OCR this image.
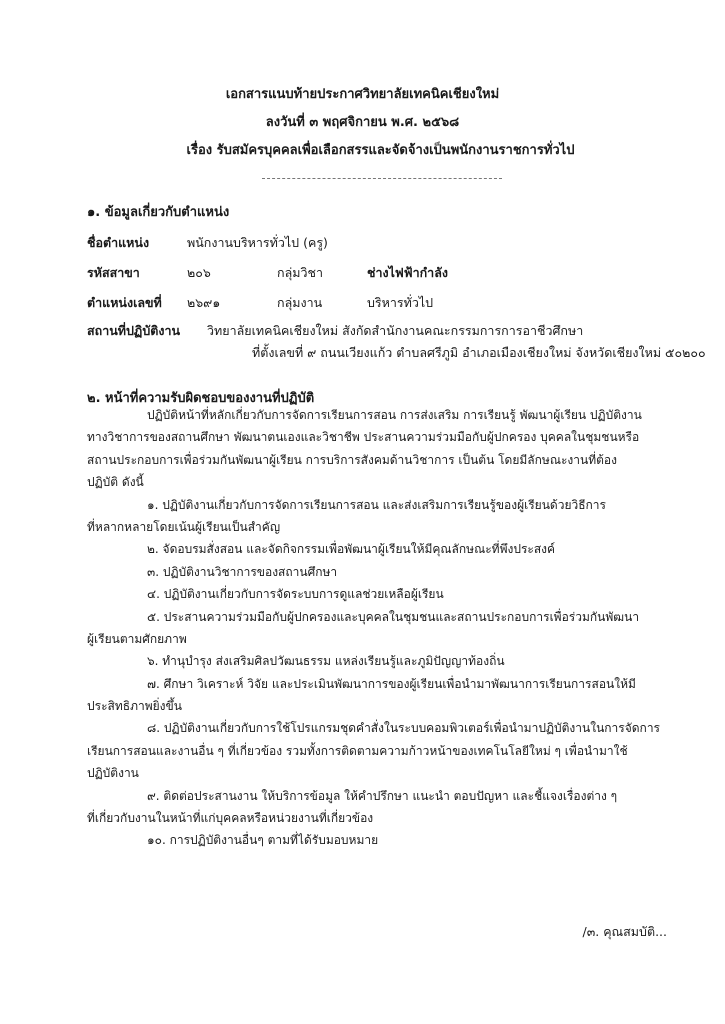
เอกสารแนบท้ายประกาศวิทยาลัยเทคนิคเชียงใหม่
ลงวันที่ ๓ พฤศจิกายน พ.ศ. ๒๕๖๘
เรื่อง รับสมัครบุคคลเพื่อเลือกสรรและจัดจ้างเป็นพนักงานราชการทั่วไป
๑. ข้อมูลเกี่ยวกับตำแหน่ง
ชื่อตำแหน่ง	พนักงานบริหารทั่วไป (ครู)
รหัสสาขา	๒๐๖	กลุ่มวิชา	ช่างไฟฟ้ากำลัง
ตำแหน่งเลขที่ ๒๖๙๑	กลุ่มงาน	บริหารทั่วไป
สถานที่ปฏิบัติงาน วิทยาลัยเทคนิคเชียงใหม่ สังกัดสำนักงานคณะกรรมการการอาชีวศึกษา
ที่ตั้งเลขที่ ๙ ถนนเวียงแก้ว ตำบลศรีภูมิ อำเภอเมืองเชียงใหม่ จังหวัดเชียงใหม่ ๕๐๒๐๐
๒. หน้าที่ความรับผิดชอบของงานที่ปฏิบัติ
ปฏิบัติหน้าที่หลักเกี่ยวกับการจัดการเรียนการสอน การส่งเสริม การเรียนรู้ พัฒนาผู้เรียน ปฏิบัติงาน
ทางวิชาการของสถานศึกษา พัฒนาตนเองและวิชาชีพ ประสานความร่วมมือกับผู้ปกครอง บุคคลในชุมชนหรือ
สถานประกอบการเพื่อร่วมกันพัฒนาผู้เรียน การบริการสังคมด้านวิชาการ เป็นต้น โดยมีลักษณะงานที่ต้อง
ปฏิบัติ ดังนี้
๑. ปฏิบัติงานเกี่ยวกับการจัดการเรียนการสอน และส่งเสริมการเรียนรู้ของผู้เรียนด้วยวิธีการ
ที่หลากหลายโดยเน้นผู้เรียนเป็นสำคัญ
๒. จัดอบรมสั่งสอน และจัดกิจกรรมเพื่อพัฒนาผู้เรียนให้มีคุณลักษณะที่พึงประสงค์
๓. ปฏิบัติงานวิชาการของสถานศึกษา
๔. ปฏิบัติงานเกี่ยวกับการจัดระบบการดูแลช่วยเหลือผู้เรียน
๕. ประสานความร่วมมือกับผู้ปกครองและบุคคลในชุมชนและสถานประกอบการเพื่อร่วมกันพัฒนา
ผู้เรียนตามศักยภาพ
๖. ทำนุบำรุง ส่งเสริมศิลปวัฒนธรรม แหล่งเรียนรู้และภูมิปัญญาท้องถิ่น
๗. ศึกษา วิเคราะห์ วิจัย และประเมินพัฒนาการของผู้เรียนเพื่อนำมาพัฒนาการเรียนการสอนให้มี
ประสิทธิภาพยิ่งขึ้น
๘. ปฏิบัติงานเกี่ยวกับการใช้โปรแกรมชุดคำสั่งในระบบคอมพิวเตอร์เพื่อนำมาปฏิบัติงานในการจัดการ
เรียนการสอนและงานอื่น ๆ ที่เกี่ยวข้อง รวมทั้งการติดตามความก้าวหน้าของเทคโนโลยีใหม่ ๆ เพื่อนำมาใช้
ปฏิบัติงาน
๙. ติดต่อประสานงาน ให้บริการข้อมูล ให้คำปรึกษา แนะนำ ตอบปัญหา และชี้แจงเรื่องต่าง ๆ
ที่เกี่ยวกับงานในหน้าที่แก่บุคคลหรือหน่วยงานที่เกี่ยวข้อง
๑๐. การปฏิบัติงานอื่นๆ ตามที่ได้รับมอบหมาย
/๓. คุณสมบัติ...
